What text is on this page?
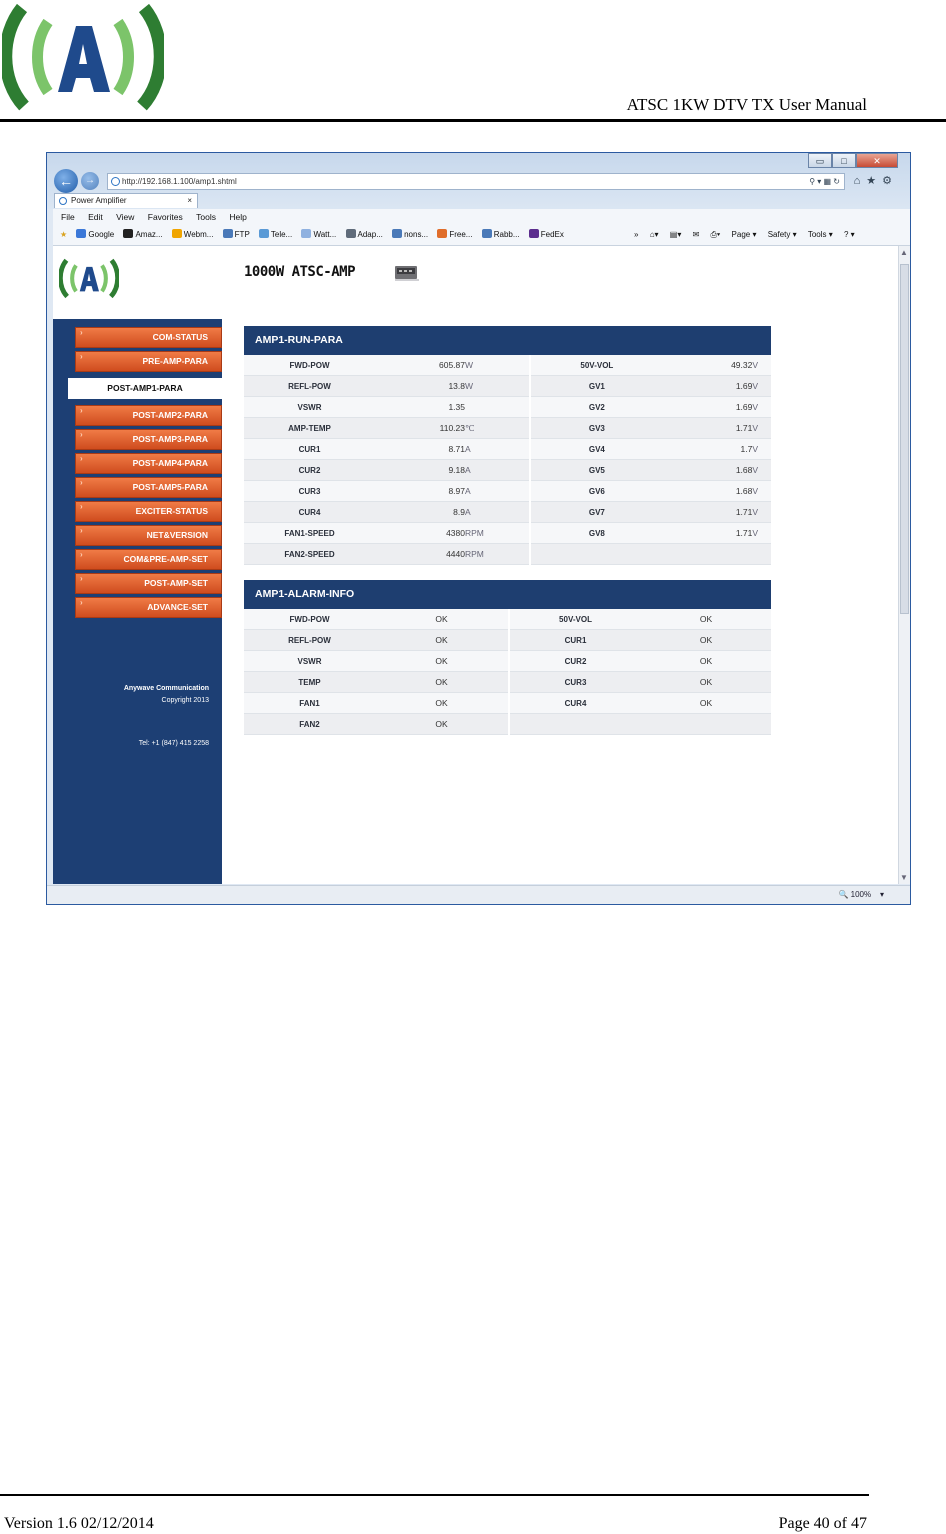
ATSC 1KW DTV TX User Manual
▭	□	✕
←	→	http://192.168.1.100/amp1.shtml	⚲ ▾ ▦ ↻ ⌂★⚙
Power Amplifier	×
File Edit View Favorites Tools Help
★	Google	Amaz...	Webm...	FTP	Tele...	Watt...	Adap...	nons...	Free...	Rabb...	FedEx	» ⌂▾ ▤▾ ✉ ⎙▾ Page ▾ Safety ▾ Tools ▾ ? ▾
› COM-STATUS
› PRE-AMP-PARA
POST-AMP1-PARA
› POST-AMP2-PARA
› POST-AMP3-PARA
› POST-AMP4-PARA
› POST-AMP5-PARA
› EXCITER-STATUS
› NET&VERSION
› COM&PRE-AMP-SET
› POST-AMP-SET
› ADVANCE-SET
Anywave Communication
Copyright 2013
Tel: +1 (847) 415 2258
1000W ATSC-AMP
AMP1-RUN-PARA
FWD-POW	605.87	W	50V-VOL	49.32	V
REFL-POW	13.8	W	GV1	1.69	V
VSWR	1.35		GV2	1.69	V
AMP-TEMP	110.23	℃	GV3	1.71	V
CUR1	8.71	A	GV4	1.7	V
CUR2	9.18	A	GV5	1.68	V
CUR3	8.97	A	GV6	1.68	V
CUR4	8.9	A	GV7	1.71	V
FAN1-SPEED	4380	RPM	GV8	1.71	V
FAN2-SPEED	4440	RPM			
AMP1-ALARM-INFO
FWD-POW	OK	50V-VOL	OK
REFL-POW	OK	CUR1	OK
VSWR	OK	CUR2	OK
TEMP	OK	CUR3	OK
FAN1	OK	CUR4	OK
FAN2	OK		
▲
▼
🔍 100% ▾
Version 1.6 02/12/2014	Page 40 of 47
